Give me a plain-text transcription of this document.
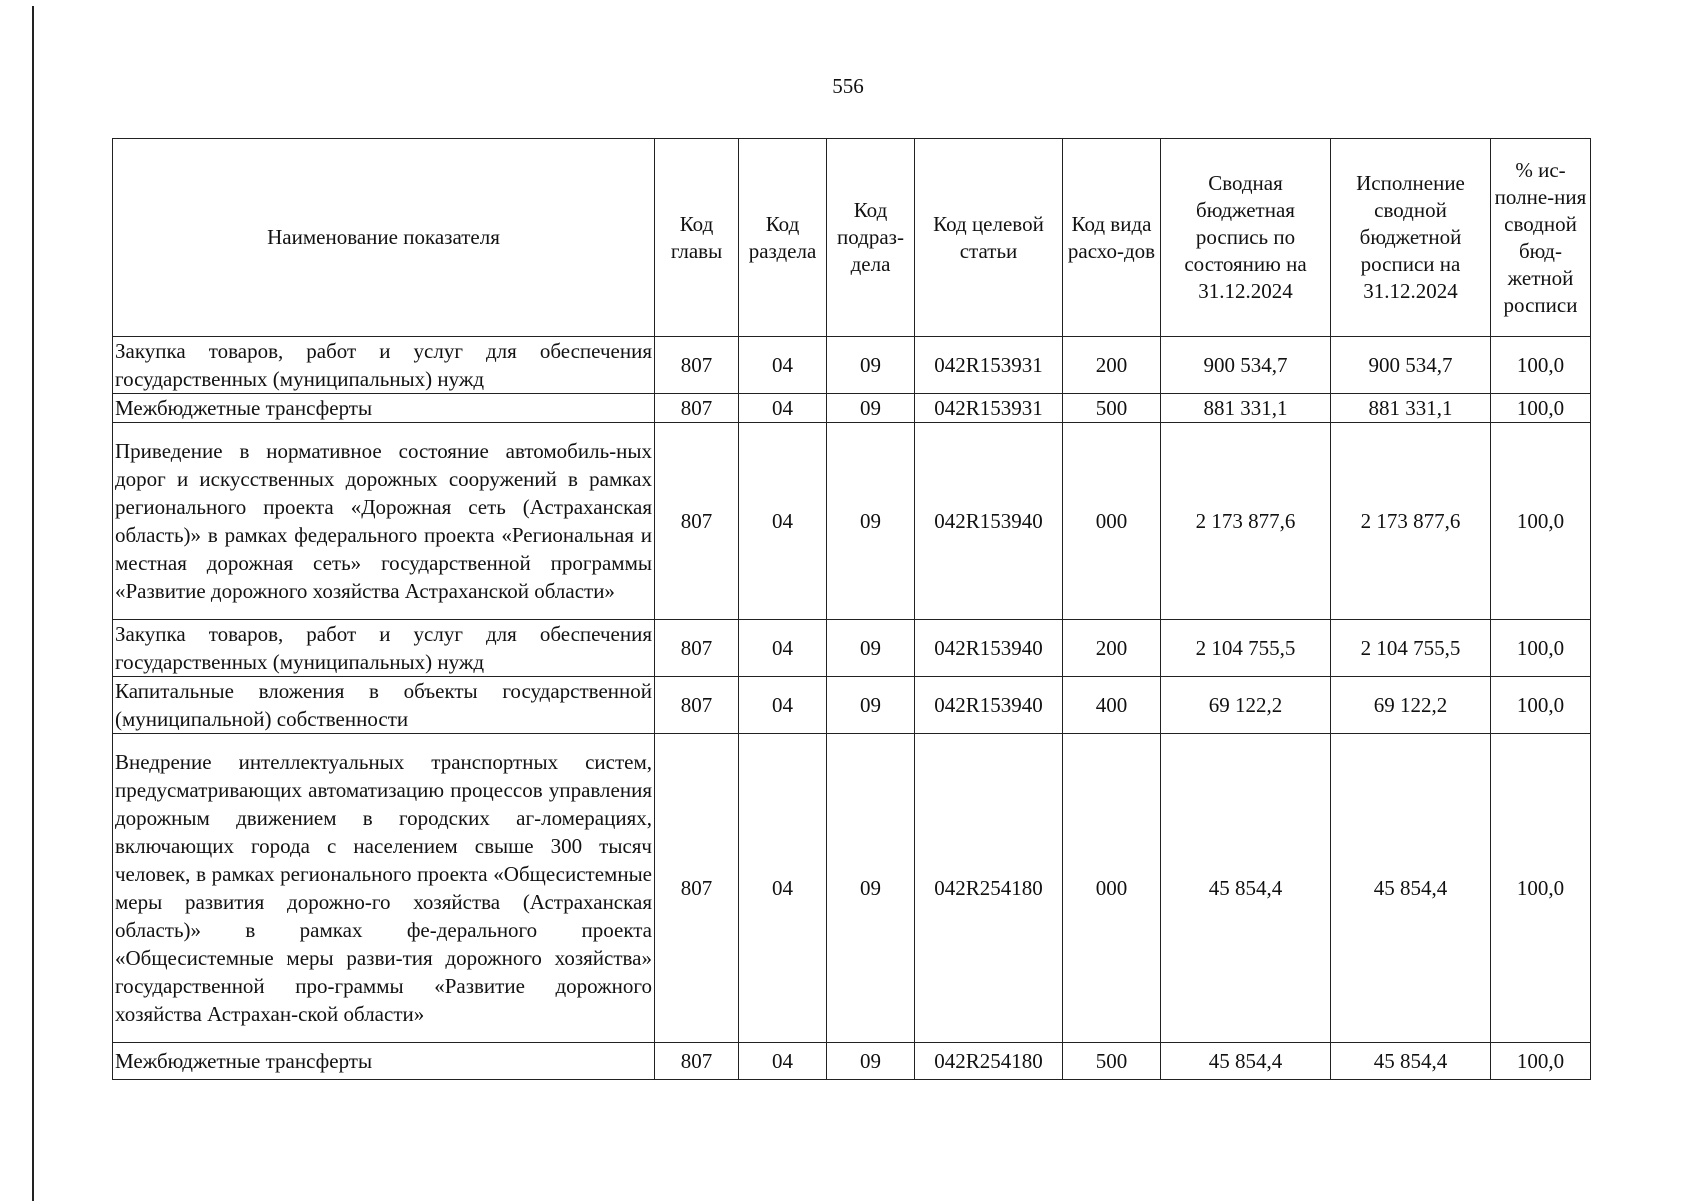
556
Наименование показателя	Код главы	Код раздела	Код подраз-дела	Код целевой статьи	Код вида расхо-дов	Сводная бюджетная роспись по состоянию на 31.12.2024	Исполнение сводной бюджетной росписи на 31.12.2024	% ис-полне-ния сводной бюд-жетной росписи
Закупка товаров, работ и услуг для обеспечения государственных (муниципальных) нужд	807	04	09	042R153931	200	900 534,7	900 534,7	100,0
Межбюджетные трансферты	807	04	09	042R153931	500	881 331,1	881 331,1	100,0
Приведение в нормативное состояние автомобиль-ных дорог и искусственных дорожных сооружений в рамках регионального проекта «Дорожная сеть (Астраханская область)» в рамках федерального проекта «Региональная и местная дорожная сеть» государственной программы «Развитие дорожного хозяйства Астраханской области»	807	04	09	042R153940	000	2 173 877,6	2 173 877,6	100,0
Закупка товаров, работ и услуг для обеспечения государственных (муниципальных) нужд	807	04	09	042R153940	200	2 104 755,5	2 104 755,5	100,0
Капитальные вложения в объекты государственной (муниципальной) собственности	807	04	09	042R153940	400	69 122,2	69 122,2	100,0
Внедрение интеллектуальных транспортных систем, предусматривающих автоматизацию процессов управления дорожным движением в городских аг-ломерациях, включающих города с населением свыше 300 тысяч человек, в рамках регионального проекта «Общесистемные меры развития дорожно-го хозяйства (Астраханская область)» в рамках фе-дерального проекта «Общесистемные меры разви-тия дорожного хозяйства» государственной про-граммы «Развитие дорожного хозяйства Астрахан-ской области»	807	04	09	042R254180	000	45 854,4	45 854,4	100,0
Межбюджетные трансферты	807	04	09	042R254180	500	45 854,4	45 854,4	100,0
